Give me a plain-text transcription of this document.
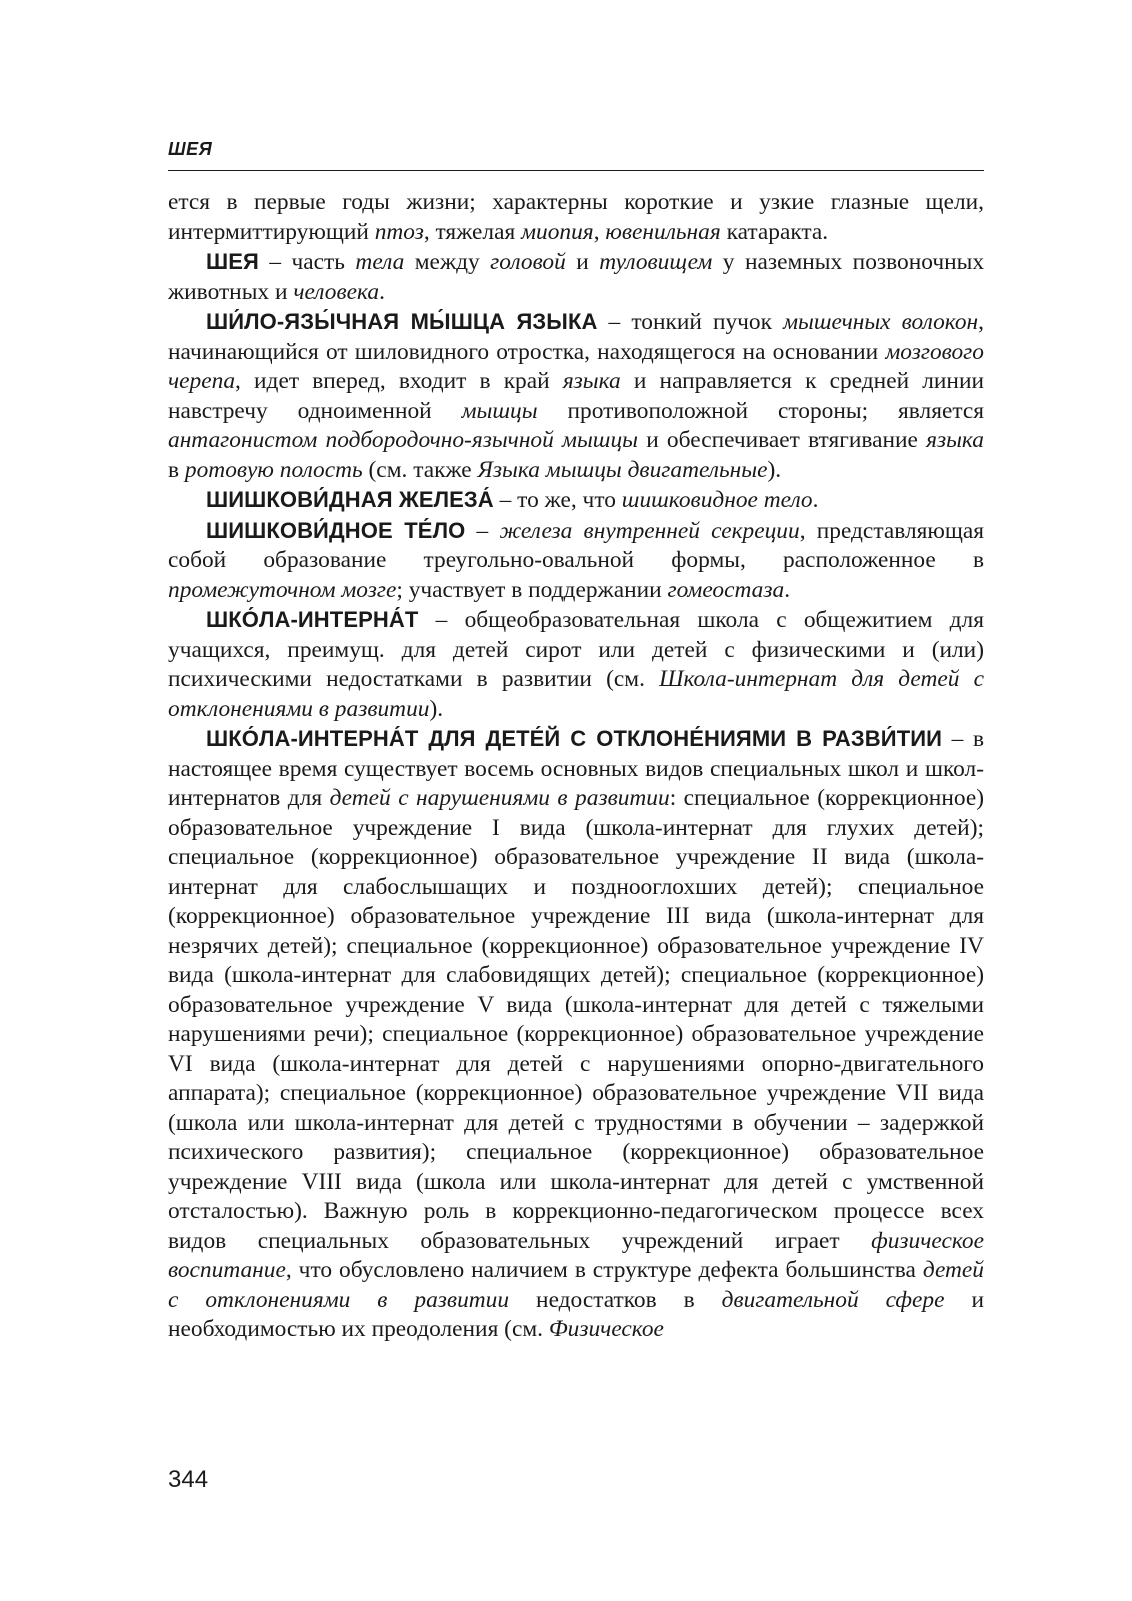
ШЕЯ

ется в первые годы жизни; характерны короткие и узкие глазные щели, интермиттирующий птоз, тяжелая миопия, ювенильная катаракта.

ШЕЯ – часть тела между головой и туловищем у наземных позвоночных животных и человека.

ШИ́ЛО-ЯЗЫ́ЧНАЯ МЫ́ШЦА ЯЗЫКА – тонкий пучок мышечных волокон, начинающийся от шиловидного отростка, находящегося на основании мозгового черепа, идет вперед, входит в край языка и направляется к средней линии навстречу одноименной мышцы противоположной стороны; является антагонистом подбородочно-язычной мышцы и обеспечивает втягивание языка в ротовую полость (см. также Языка мышцы двигательные).

ШИШКОВИ́ДНАЯ ЖЕЛЕЗА́ – то же, что шишковидное тело.

ШИШКОВИ́ДНОЕ ТЕ́ЛО – железа внутренней секреции, представляющая собой образование треугольно-овальной формы, расположенное в промежуточном мозге; участвует в поддержании гомеостаза.

ШКО́ЛА-ИНТЕРНА́Т – общеобразовательная школа с общежитием для учащихся, преимущ. для детей сирот или детей с физическими и (или) психическими недостатками в развитии (см. Школа-интернат для детей с отклонениями в развитии).

ШКО́ЛА-ИНТЕРНА́Т ДЛЯ ДЕТЕ́Й С ОТКЛОНЕ́НИЯМИ В РАЗВИ́ТИИ – в настоящее время существует восемь основных видов специальных школ и школ-интернатов для детей с нарушениями в развитии: специальное (коррекционное) образовательное учреждение I вида (школа-интернат для глухих детей); специальное (коррекционное) образовательное учреждение II вида (школа-интернат для слабослышащих и позднооглохших детей); специальное (коррекционное) образовательное учреждение III вида (школа-интернат для незрячих детей); специальное (коррекционное) образовательное учреждение IV вида (школа-интернат для слабовидящих детей); специальное (коррекционное) образовательное учреждение V вида (школа-интернат для детей с тяжелыми нарушениями речи); специальное (коррекционное) образовательное учреждение VI вида (школа-интернат для детей с нарушениями опорно-двигательного аппарата); специальное (коррекционное) образовательное учреждение VII вида (школа или школа-интернат для детей с трудностями в обучении – задержкой психического развития); специальное (коррекционное) образовательное учреждение VIII вида (школа или школа-интернат для детей с умственной отсталостью). Важную роль в коррекционно-педагогическом процессе всех видов специальных образовательных учреждений играет физическое воспитание, что обусловлено наличием в структуре дефекта большинства детей с отклонениями в развитии недостатков в двигательной сфере и необходимостью их преодоления (см. Физическое

344
